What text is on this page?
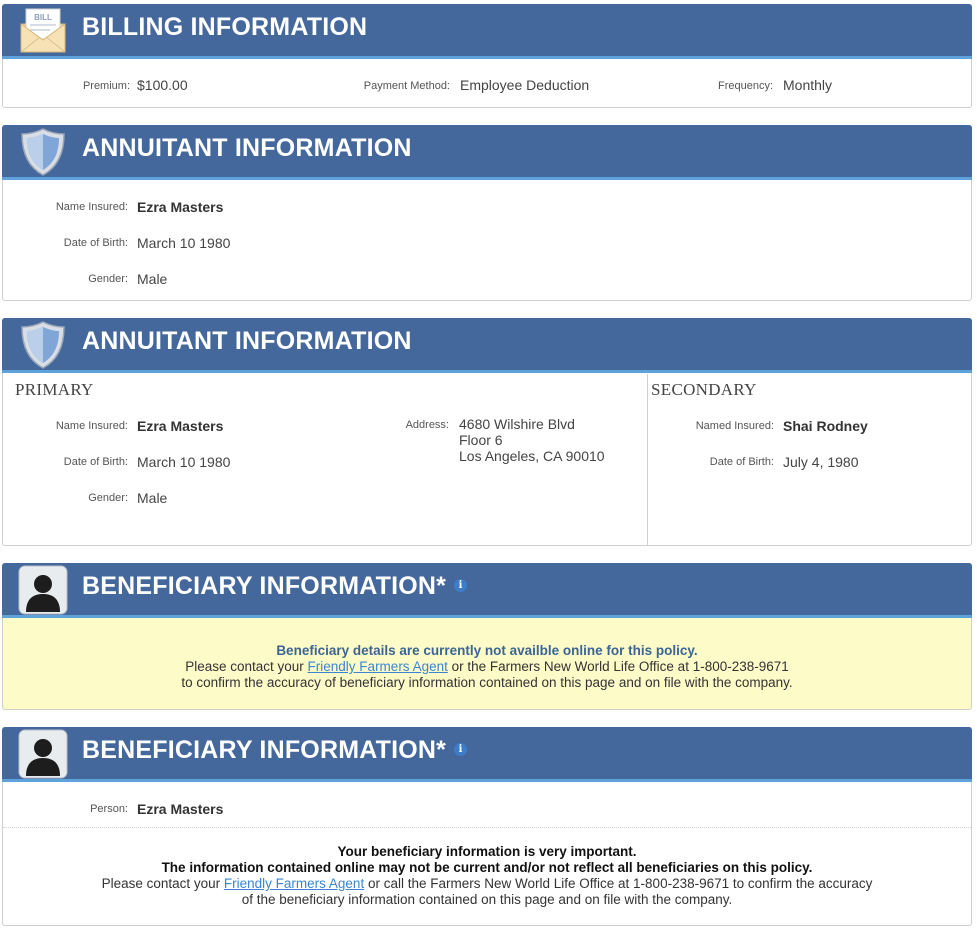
BILL BILLING INFORMATION
Premium: $100.00	Payment Method: Employee Deduction	Frequency: Monthly
ANNUITANT INFORMATION
Name Insured: Ezra Masters
Date of Birth: March 10 1980
Gender: Male
ANNUITANT INFORMATION
PRIMARY
Name Insured: Ezra Masters
Date of Birth: March 10 1980
Gender: Male
Address: 4680 Wilshire Blvd
Floor 6
Los Angeles, CA 90010
SECONDARY
Named Insured: Shai Rodney
Date of Birth: July 4, 1980
BENEFICIARY INFORMATION* i
Beneficiary details are currently not availble online for this policy.
Please contact your Friendly Farmers Agent or the Farmers New World Life Office at 1-800-238-9671
to confirm the accuracy of beneficiary information contained on this page and on file with the company.
BENEFICIARY INFORMATION* i
Person: Ezra Masters
Your beneficiary information is very important.
The information contained online may not be current and/or not reflect all beneficiaries on this policy.
Please contact your Friendly Farmers Agent or call the Farmers New World Life Office at 1-800-238-9671 to confirm the accuracy
of the beneficiary information contained on this page and on file with the company.
